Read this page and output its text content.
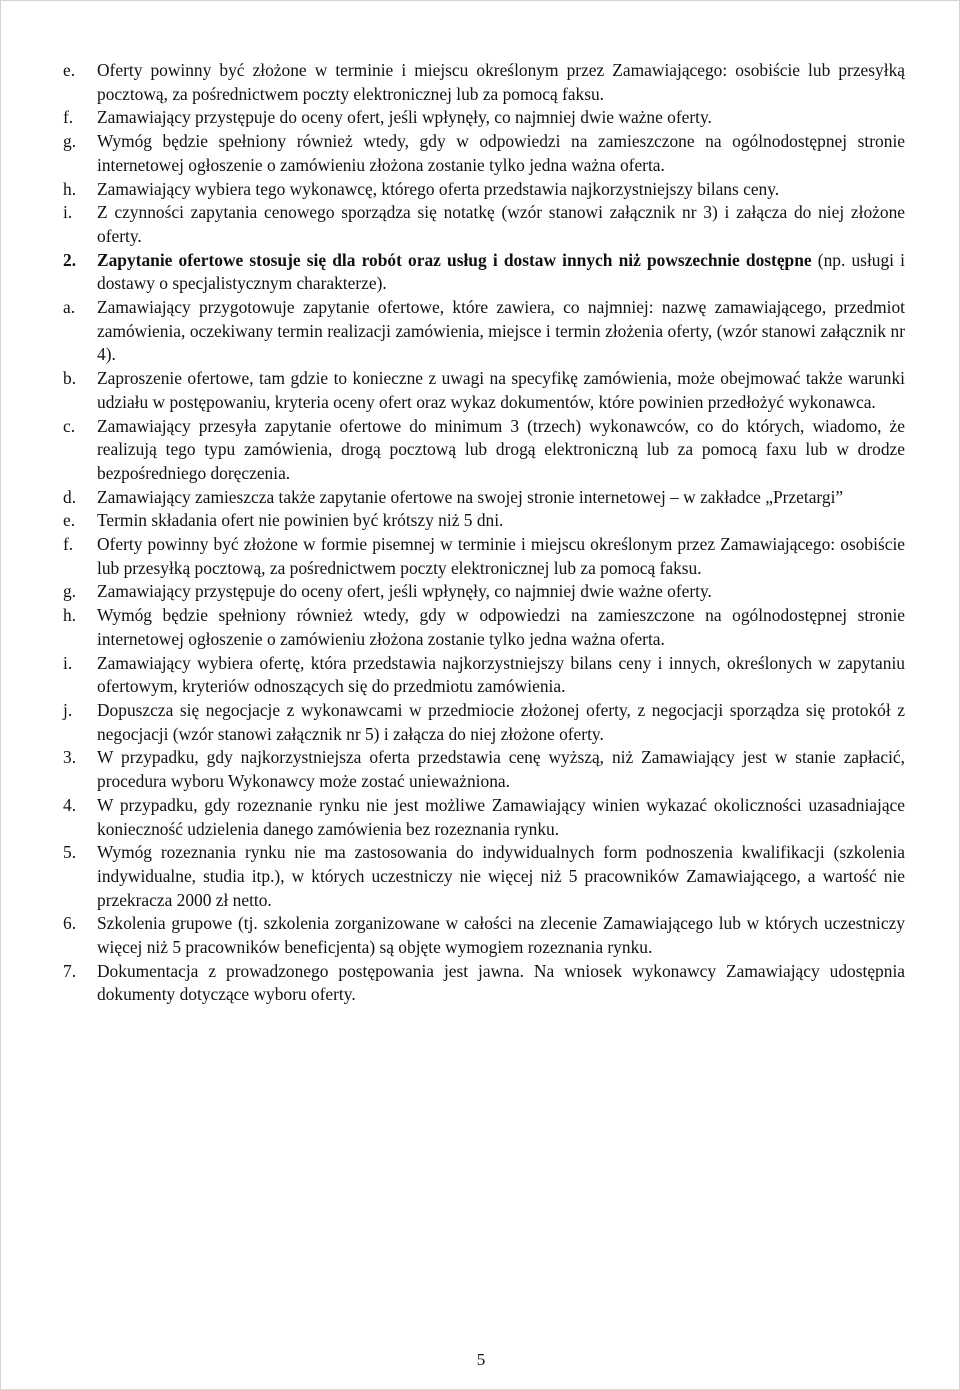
e. Oferty powinny być złożone w terminie i miejscu określonym przez Zamawiającego: osobiście lub przesyłką pocztową, za pośrednictwem poczty elektronicznej lub za pomocą faksu.
f. Zamawiający przystępuje do oceny ofert, jeśli wpłynęły, co najmniej dwie ważne oferty.
g. Wymóg będzie spełniony również wtedy, gdy w odpowiedzi na zamieszczone na ogólnodostępnej stronie internetowej ogłoszenie o zamówieniu złożona zostanie tylko jedna ważna oferta.
h. Zamawiający wybiera tego wykonawcę, którego oferta przedstawia najkorzystniejszy bilans ceny.
i. Z czynności zapytania cenowego sporządza się notatkę (wzór stanowi załącznik nr 3) i załącza do niej złożone oferty.
2. Zapytanie ofertowe stosuje się dla robót oraz usług i dostaw innych niż powszechnie dostępne (np. usługi i dostawy o specjalistycznym charakterze).
a. Zamawiający przygotowuje zapytanie ofertowe, które zawiera, co najmniej: nazwę zamawiającego, przedmiot zamówienia, oczekiwany termin realizacji zamówienia, miejsce i termin złożenia oferty, (wzór stanowi załącznik nr 4).
b. Zaproszenie ofertowe, tam gdzie to konieczne z uwagi na specyfikę zamówienia, może obejmować także warunki udziału w postępowaniu, kryteria oceny ofert oraz wykaz dokumentów, które powinien przedłożyć wykonawca.
c. Zamawiający przesyła zapytanie ofertowe do minimum 3 (trzech) wykonawców, co do których, wiadomo, że realizują tego typu zamówienia, drogą pocztową lub drogą elektroniczną lub za pomocą faxu lub w drodze bezpośredniego doręczenia.
d. Zamawiający zamieszcza także zapytanie ofertowe na swojej stronie internetowej – w zakładce „Przetargi”
e. Termin składania ofert nie powinien być krótszy niż 5 dni.
f. Oferty powinny być złożone w formie pisemnej w terminie i miejscu określonym przez Zamawiającego: osobiście lub przesyłką pocztową, za pośrednictwem poczty elektronicznej lub za pomocą faksu.
g. Zamawiający przystępuje do oceny ofert, jeśli wpłynęły, co najmniej dwie ważne oferty.
h. Wymóg będzie spełniony również wtedy, gdy w odpowiedzi na zamieszczone na ogólnodostępnej stronie internetowej ogłoszenie o zamówieniu złożona zostanie tylko jedna ważna oferta.
i. Zamawiający wybiera ofertę, która przedstawia najkorzystniejszy bilans ceny i innych, określonych w zapytaniu ofertowym, kryteriów odnoszących się do przedmiotu zamówienia.
j. Dopuszcza się negocjacje z wykonawcami w przedmiocie złożonej oferty, z negocjacji sporządza się protokół z negocjacji (wzór stanowi załącznik nr 5) i załącza do niej złożone oferty.
3. W przypadku, gdy najkorzystniejsza oferta przedstawia cenę wyższą, niż Zamawiający jest w stanie zapłacić, procedura wyboru Wykonawcy może zostać unieważniona.
4. W przypadku, gdy rozeznanie rynku nie jest możliwe Zamawiający winien wykazać okoliczności uzasadniające konieczność udzielenia danego zamówienia bez rozeznania rynku.
5. Wymóg rozeznania rynku nie ma zastosowania do indywidualnych form podnoszenia kwalifikacji (szkolenia indywidualne, studia itp.), w których uczestniczy nie więcej niż 5 pracowników Zamawiającego, a wartość nie przekracza 2000 zł netto.
6. Szkolenia grupowe (tj. szkolenia zorganizowane w całości na zlecenie Zamawiającego lub w których uczestniczy więcej niż 5 pracowników beneficjenta) są objęte wymogiem rozeznania rynku.
7. Dokumentacja z prowadzonego postępowania jest jawna. Na wniosek wykonawcy Zamawiający udostępnia dokumenty dotyczące wyboru oferty.
5
